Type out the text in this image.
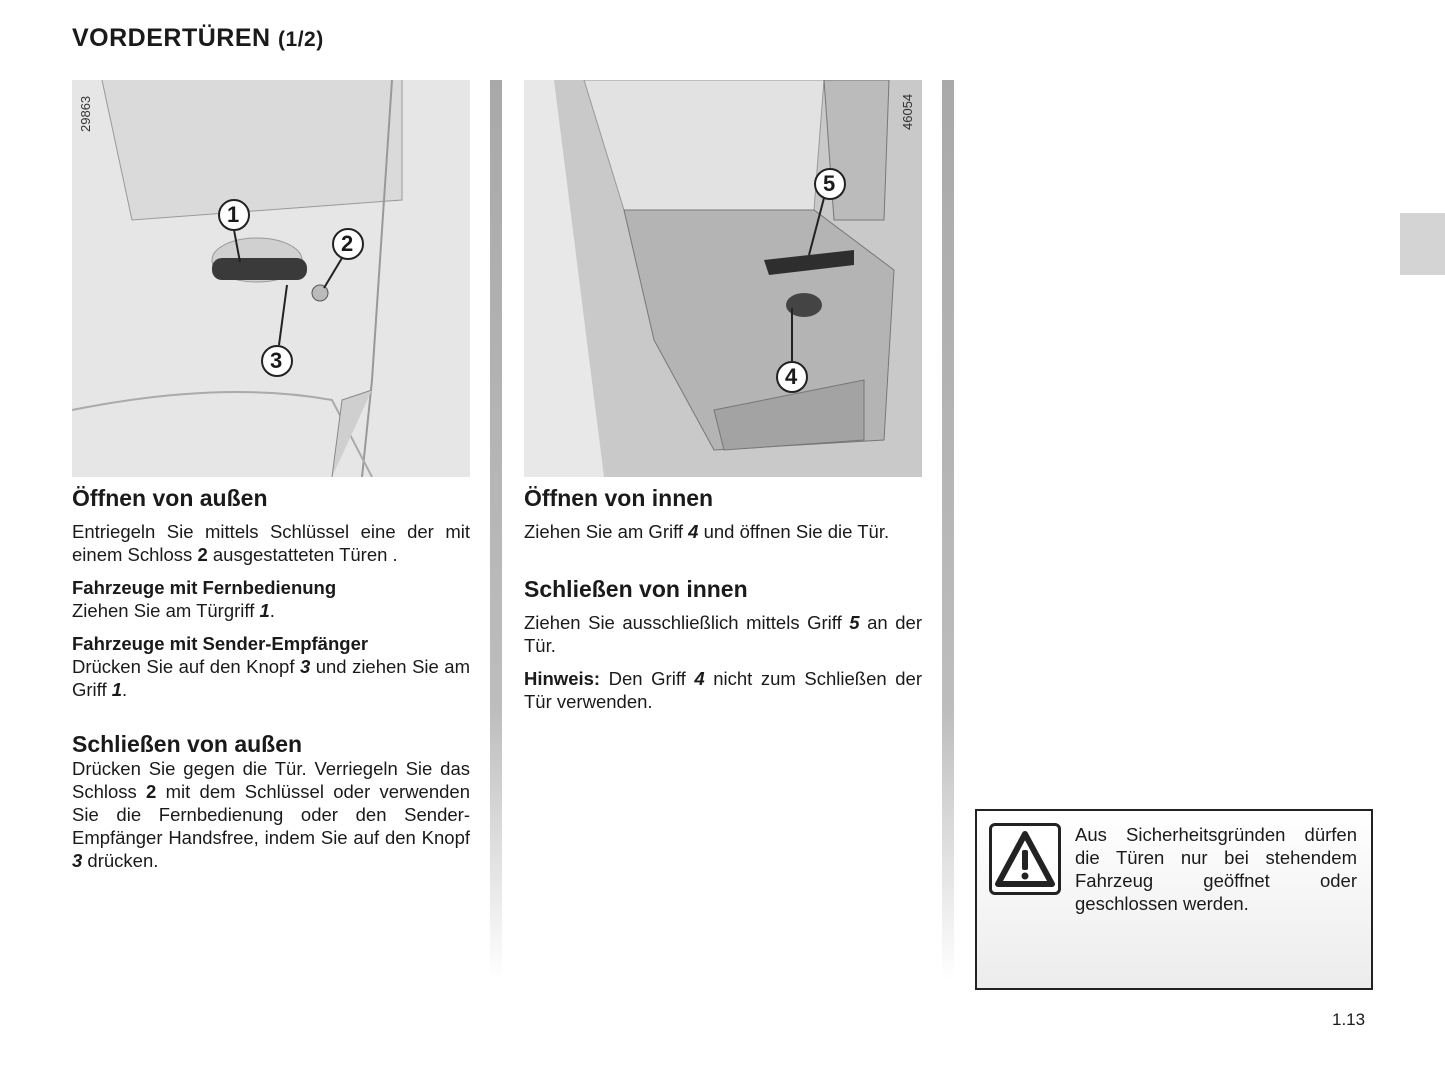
VORDERTÜREN (1/2)
1
2
3
29863
5
4
46054
Öffnen von außen

Entriegeln Sie mittels Schlüssel eine der mit einem Schloss 2 ausgestatteten Türen .

Fahrzeuge mit Fernbedienung
Ziehen Sie am Türgriff 1.

Fahrzeuge mit Sender-Empfänger
Drücken Sie auf den Knopf 3 und ziehen Sie am Griff 1.

Schließen von außen

Drücken Sie gegen die Tür. Verriegeln Sie das Schloss 2 mit dem Schlüssel oder verwenden Sie die Fernbedienung oder den Sender-Empfänger Handsfree, indem Sie auf den Knopf 3 drücken.

Öffnen von innen

Ziehen Sie am Griff 4 und öffnen Sie die Tür.

Schließen von innen

Ziehen Sie ausschließlich mittels Griff 5 an der Tür.

Hinweis: Den Griff 4 nicht zum Schließen der Tür verwenden.

Aus Sicherheitsgründen dürfen die Türen nur bei stehendem Fahrzeug geöffnet oder geschlossen werden.
1.13
